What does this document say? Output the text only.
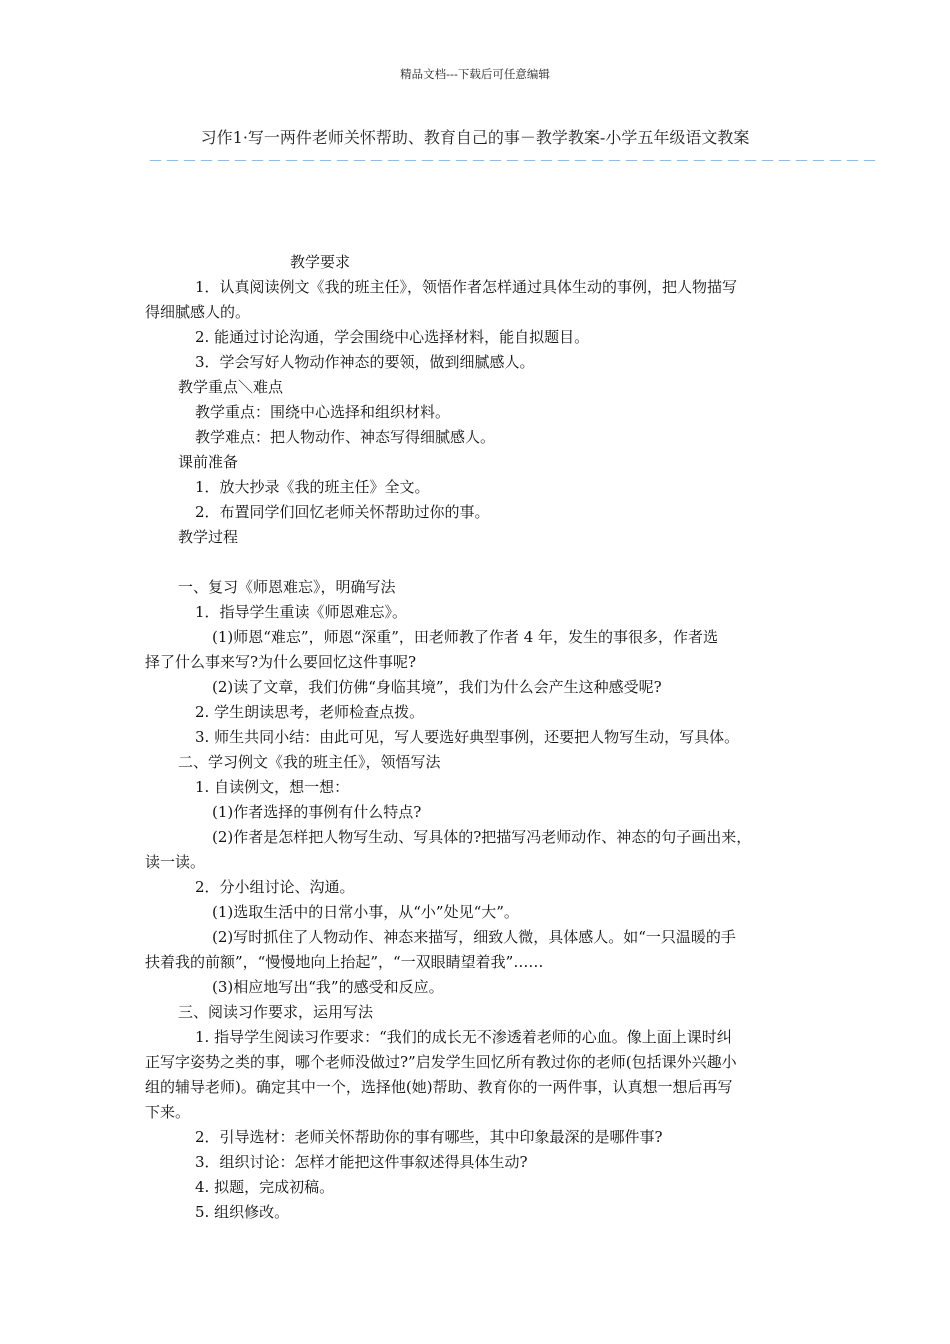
精品文档---下载后可任意编辑
习作1·写一两件老师关怀帮助、教育自己的事－教学教案-小学五年级语文教案
－－－－－－－－－－－－－－－－－－－－－－－－－－－－－－－－－－－－－－－－－－－
教学要求
1．认真阅读例文《我的班主任》，领悟作者怎样通过具体生动的事例，把人物描写
得细腻感人的。
2. 能通过讨论沟通，学会围绕中心选择材料，能自拟题目。
3．学会写好人物动作神态的要领，做到细腻感人。
教学重点＼难点
教学重点：围绕中心选择和组织材料。
教学难点：把人物动作、神态写得细腻感人。
课前准备
1．放大抄录《我的班主任》全文。
2．布置同学们回忆老师关怀帮助过你的事。
教学过程
一、复习《师恩难忘》，明确写法
1．指导学生重读《师恩难忘》。
(1)师恩“难忘”，师恩“深重”，田老师教了作者 4 年，发生的事很多，作者选
择了什么事来写?为什么要回忆这件事呢?
(2)读了文章，我们仿佛“身临其境”，我们为什么会产生这种感受呢?
2. 学生朗读思考，老师检查点拨。
3. 师生共同小结：由此可见，写人要选好典型事例，还要把人物写生动，写具体。
二、学习例文《我的班主任》，领悟写法
1. 自读例文，想一想：
(1)作者选择的事例有什么特点?
(2)作者是怎样把人物写生动、写具体的?把描写冯老师动作、神态的句子画出来，
读一读。
2．分小组讨论、沟通。
(1)选取生活中的日常小事，从“小”处见“大”。
(2)写时抓住了人物动作、神态来描写，细致人微，具体感人。如“一只温暖的手
扶着我的前额”，“慢慢地向上抬起”，“一双眼睛望着我”……
(3)相应地写出“我”的感受和反应。
三、阅读习作要求，运用写法
1. 指导学生阅读习作要求：“我们的成长无不渗透着老师的心血。像上面上课时纠
正写字姿势之类的事，哪个老师没做过?”启发学生回忆所有教过你的老师(包括课外兴趣小
组的辅导老师)。确定其中一个，选择他(她)帮助、教育你的一两件事，认真想一想后再写
下来。
2．引导选材：老师关怀帮助你的事有哪些，其中印象最深的是哪件事?
3．组织讨论：怎样才能把这件事叙述得具体生动?
4. 拟题，完成初稿。
5. 组织修改。
